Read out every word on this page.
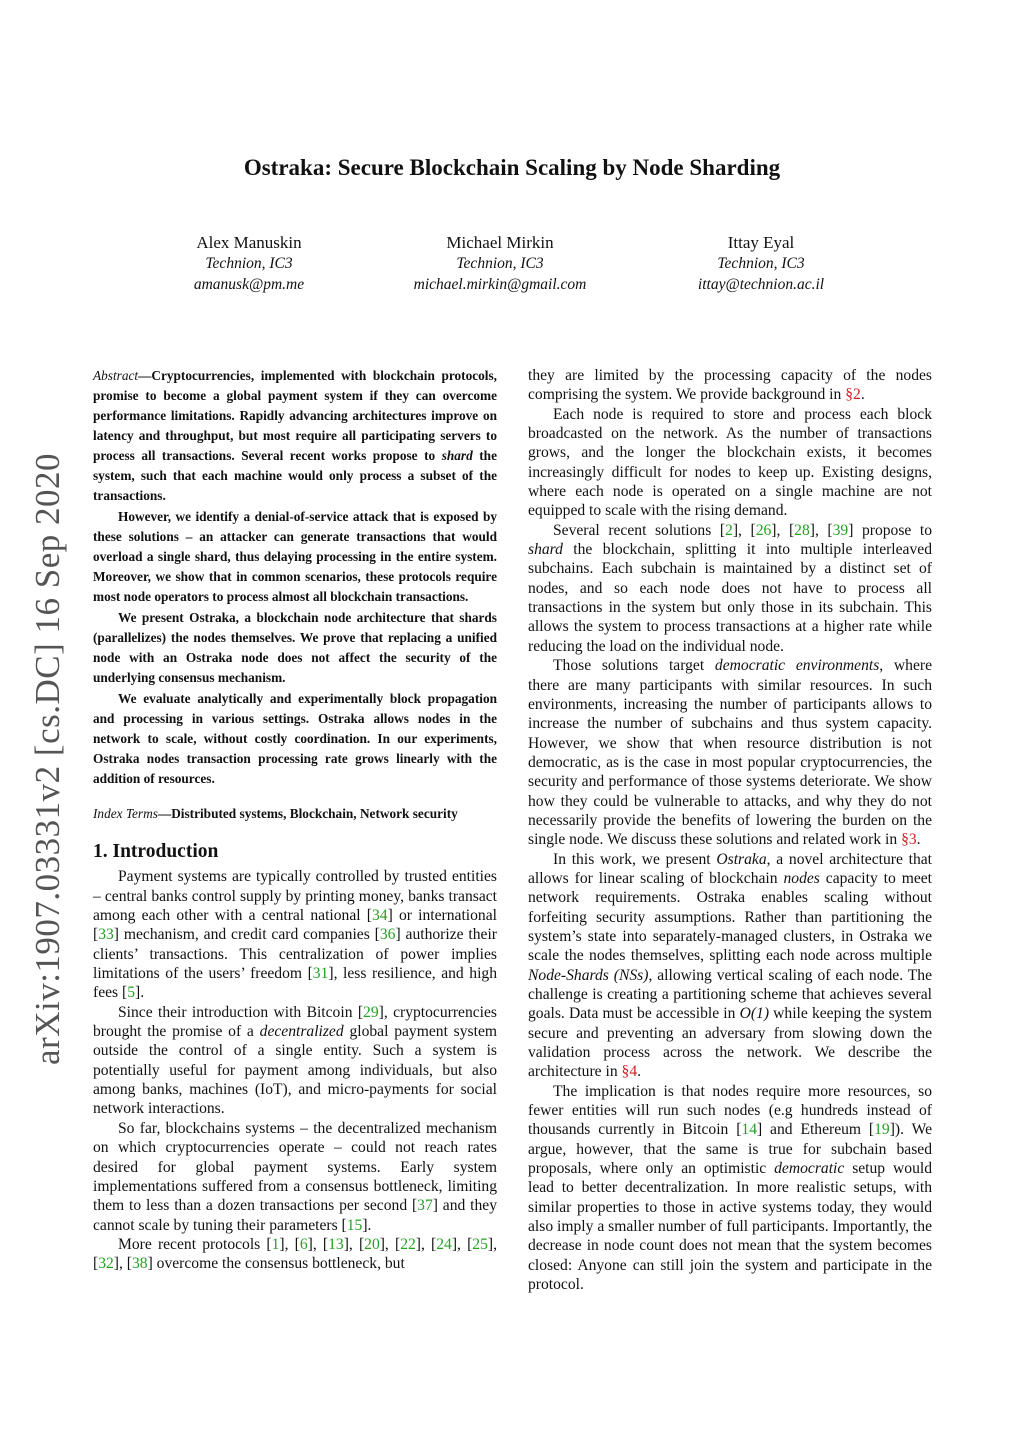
arXiv:1907.03331v2 [cs.DC] 16 Sep 2020
Ostraka: Secure Blockchain Scaling by Node Sharding
Alex Manuskin
Technion, IC3
amanusk@pm.me
Michael Mirkin
Technion, IC3
michael.mirkin@gmail.com
Ittay Eyal
Technion, IC3
ittay@technion.ac.il

Abstract—Cryptocurrencies, implemented with blockchain protocols, promise to become a global payment system if they can overcome performance limitations. Rapidly advancing architectures improve on latency and throughput, but most require all participating servers to process all transactions. Several recent works propose to shard the system, such that each machine would only process a subset of the transactions.

However, we identify a denial-of-service attack that is exposed by these solutions – an attacker can generate transactions that would overload a single shard, thus delaying processing in the entire system. Moreover, we show that in common scenarios, these protocols require most node operators to process almost all blockchain transactions.

We present Ostraka, a blockchain node architecture that shards (parallelizes) the nodes themselves. We prove that replacing a unified node with an Ostraka node does not affect the security of the underlying consensus mechanism.

We evaluate analytically and experimentally block propagation and processing in various settings. Ostraka allows nodes in the network to scale, without costly coordination. In our experiments, Ostraka nodes transaction processing rate grows linearly with the addition of resources.

Index Terms—Distributed systems, Blockchain, Network security

1. Introduction

Payment systems are typically controlled by trusted entities – central banks control supply by printing money, banks transact among each other with a central national [34] or international [33] mechanism, and credit card companies [36] authorize their clients’ transactions. This centralization of power implies limitations of the users’ freedom [31], less resilience, and high fees [5].

Since their introduction with Bitcoin [29], cryptocurrencies brought the promise of a decentralized global payment system outside the control of a single entity. Such a system is potentially useful for payment among individuals, but also among banks, machines (IoT), and micro-payments for social network interactions.

So far, blockchains systems – the decentralized mechanism on which cryptocurrencies operate – could not reach rates desired for global payment systems. Early system implementations suffered from a consensus bottleneck, limiting them to less than a dozen transactions per second [37] and they cannot scale by tuning their parameters [15].

More recent protocols [1], [6], [13], [20], [22], [24], [25], [32], [38] overcome the consensus bottleneck, but

they are limited by the processing capacity of the nodes comprising the system. We provide background in §2.

Each node is required to store and process each block broadcasted on the network. As the number of transactions grows, and the longer the blockchain exists, it becomes increasingly difficult for nodes to keep up. Existing designs, where each node is operated on a single machine are not equipped to scale with the rising demand.

Several recent solutions [2], [26], [28], [39] propose to shard the blockchain, splitting it into multiple interleaved subchains. Each subchain is maintained by a distinct set of nodes, and so each node does not have to process all transactions in the system but only those in its subchain. This allows the system to process transactions at a higher rate while reducing the load on the individual node.

Those solutions target democratic environments, where there are many participants with similar resources. In such environments, increasing the number of participants allows to increase the number of subchains and thus system capacity. However, we show that when resource distribution is not democratic, as is the case in most popular cryptocurrencies, the security and performance of those systems deteriorate. We show how they could be vulnerable to attacks, and why they do not necessarily provide the benefits of lowering the burden on the single node. We discuss these solutions and related work in §3.

In this work, we present Ostraka, a novel architecture that allows for linear scaling of blockchain nodes capacity to meet network requirements. Ostraka enables scaling without forfeiting security assumptions. Rather than partitioning the system’s state into separately-managed clusters, in Ostraka we scale the nodes themselves, splitting each node across multiple Node-Shards (NSs), allowing vertical scaling of each node. The challenge is creating a partitioning scheme that achieves several goals. Data must be accessible in O(1) while keeping the system secure and preventing an adversary from slowing down the validation process across the network. We describe the architecture in §4.

The implication is that nodes require more resources, so fewer entities will run such nodes (e.g hundreds instead of thousands currently in Bitcoin [14] and Ethereum [19]). We argue, however, that the same is true for subchain based proposals, where only an optimistic democratic setup would lead to better decentralization. In more realistic setups, with similar properties to those in active systems today, they would also imply a smaller number of full participants. Importantly, the decrease in node count does not mean that the system becomes closed: Anyone can still join the system and participate in the protocol.
